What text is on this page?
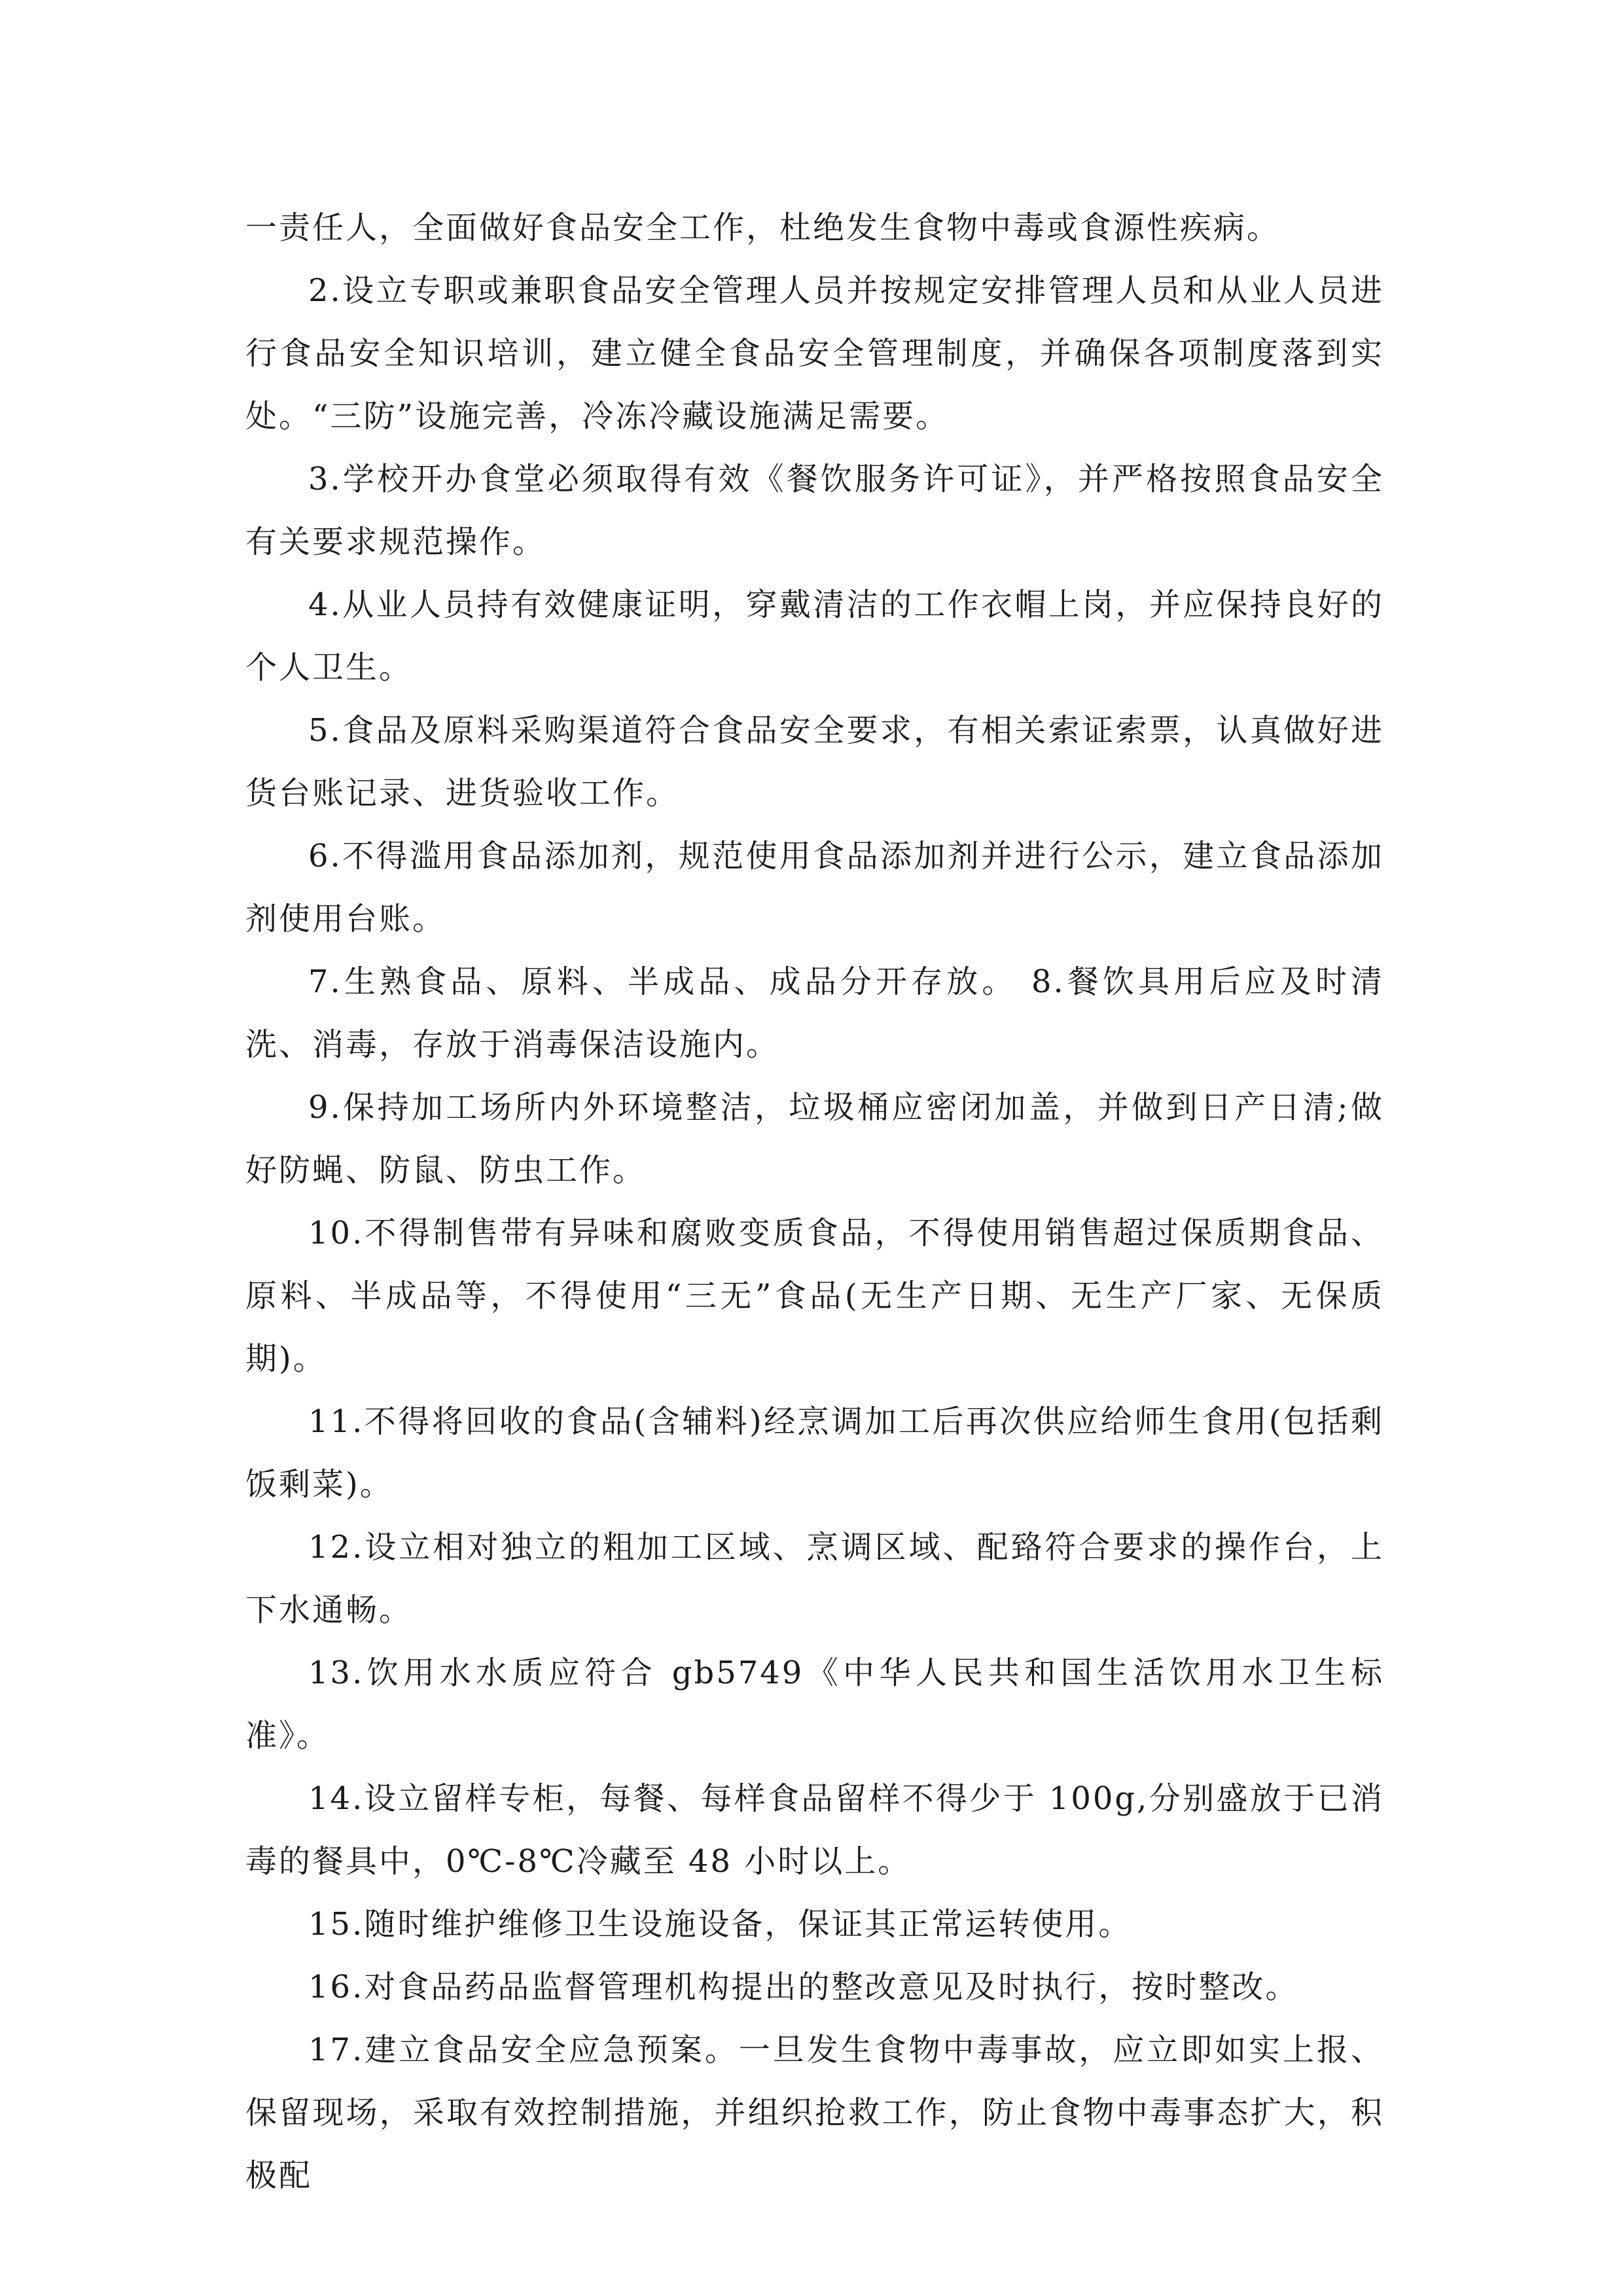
一责任人，全面做好食品安全工作，杜绝发生食物中毒或食源性疾病。

2.设立专职或兼职食品安全管理人员并按规定安排管理人员和从业人员进行食品安全知识培训，建立健全食品安全管理制度，并确保各项制度落到实处。“三防”设施完善，冷冻冷藏设施满足需要。

3.学校开办食堂必须取得有效《餐饮服务许可证》，并严格按照食品安全有关要求规范操作。

4.从业人员持有效健康证明，穿戴清洁的工作衣帽上岗，并应保持良好的个人卫生。

5.食品及原料采购渠道符合食品安全要求，有相关索证索票，认真做好进货台账记录、进货验收工作。

6.不得滥用食品添加剂，规范使用食品添加剂并进行公示，建立食品添加剂使用台账。

7.生熟食品、原料、半成品、成品分开存放。 8.餐饮具用后应及时清洗、消毒，存放于消毒保洁设施内。

9.保持加工场所内外环境整洁，垃圾桶应密闭加盖，并做到日产日清;做好防蝇、防鼠、防虫工作。

10.不得制售带有异味和腐败变质食品，不得使用销售超过保质期食品、原料、半成品等，不得使用“三无”食品(无生产日期、无生产厂家、无保质期)。

11.不得将回收的食品(含辅料)经烹调加工后再次供应给师生食用(包括剩饭剩菜)。

12.设立相对独立的粗加工区域、烹调区域、配臵符合要求的操作台，上下水通畅。

13.饮用水水质应符合 gb5749《中华人民共和国生活饮用水卫生标准》。

14.设立留样专柜，每餐、每样食品留样不得少于 100g,分别盛放于已消毒的餐具中，0℃-8℃冷藏至 48 小时以上。

15.随时维护维修卫生设施设备，保证其正常运转使用。

16.对食品药品监督管理机构提出的整改意见及时执行，按时整改。

17.建立食品安全应急预案。一旦发生食物中毒事故，应立即如实上报、保留现场，采取有效控制措施，并组织抢救工作，防止食物中毒事态扩大，积极配
